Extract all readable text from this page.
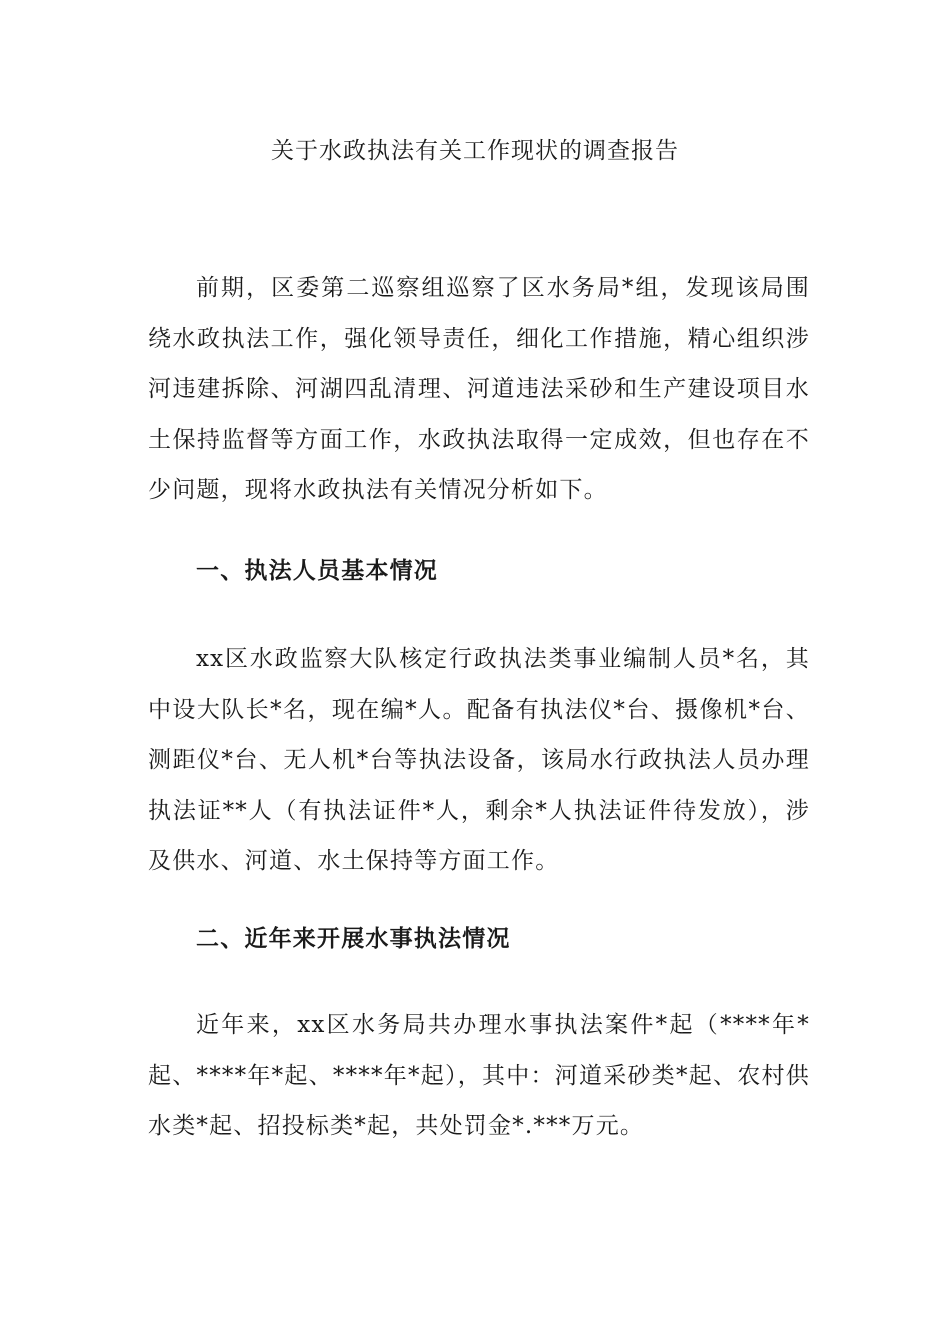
关于水政执法有关工作现状的调查报告

前期，区委第二巡察组巡察了区水务局*组，发现该局围绕水政执法工作，强化领导责任，细化工作措施，精心组织涉河违建拆除、河湖四乱清理、河道违法采砂和生产建设项目水土保持监督等方面工作，水政执法取得一定成效，但也存在不少问题，现将水政执法有关情况分析如下。

一、执法人员基本情况

xx区水政监察大队核定行政执法类事业编制人员*名，其中设大队长*名，现在编*人。配备有执法仪*台、摄像机*台、测距仪*台、无人机*台等执法设备，该局水行政执法人员办理执法证**人（有执法证件*人，剩余*人执法证件待发放），涉及供水、河道、水土保持等方面工作。

二、近年来开展水事执法情况

近年来，xx区水务局共办理水事执法案件*起（****年*起、****年*起、****年*起），其中：河道采砂类*起、农村供水类*起、招投标类*起，共处罚金*.***万元。
